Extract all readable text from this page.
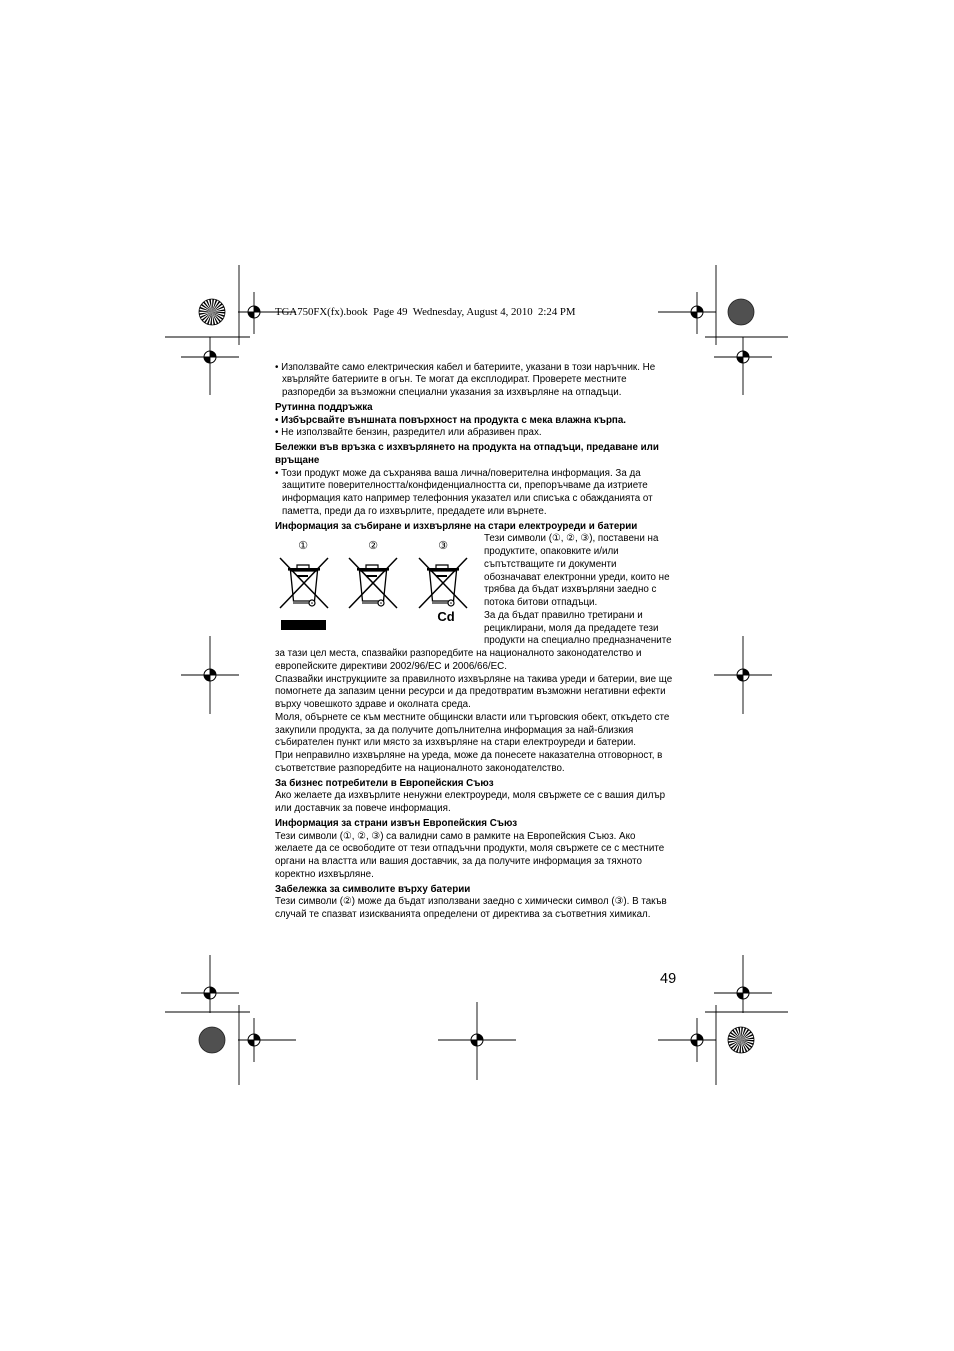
TGA750FX(fx).book  Page 49  Wednesday, August 4, 2010  2:24 PM
• Използвайте само електрическия кабел и батериите, указани в този наръчник. Не
хвърляйте батериите в огън. Те могат да експлодират. Проверете местните
разпоредби за възможни специални указания за изхвърляне на отпадъци.
Рутинна поддръжка
• Избърсвайте външната повърхност на продукта с мека влажна кърпа.
• Не използвайте бензин, разредител или абразивен прах.
Бележки във връзка с изхвърлянето на продукта на отпадъци, предаване или
връщане
• Този продукт може да съхранява ваша лична/поверителна информация. За да
защитите поверителността/конфиденциалността си, препоръчваме да изтриете
информация като например телефонния указател или списъка с обажданията от
паметта, преди да го изхвърлите, предадете или върнете.
Информация за събиране и изхвърляне на стари електроуреди и батерии
①	②	③
Cd
Тези символи (①, ②, ③), поставени на
продуктите, опаковките и/или
съпътстващите ги документи
обозначават електронни уреди, които не
трябва да бъдат изхвърляни заедно с
потока битови отпадъци.
За да бъдат правилно третирани и
рециклирани, моля да предадете тези
продукти на специално предназначените
за тази цел места, спазвайки разпоредбите на националното законодателство и
европейските директиви 2002/96/EC и 2006/66/EC.
Спазвайки инструкциите за правилното изхвърляне на такива уреди и батерии, вие ще
помогнете да запазим ценни ресурси и да предотвратим възможни негативни ефекти
върху човешкото здраве и околната среда.
Моля, обърнете се към местните общински власти или търговския обект, откъдето сте
закупили продукта, за да получите допълнителна информация за най-близкия
събирателен пункт или място за изхвърляне на стари електроуреди и батерии.
При неправилно изхвърляне на уреда, може да понесете наказателна отговорност, в
съответствие разпоредбите на националното законодателство.
За бизнес потребители в Европейския Съюз
Ако желаете да изхвърлите ненужни електроуреди, моля свържете се с вашия дилър
или доставчик за повече информация.
Информация за страни извън Европейския Съюз
Тези символи (①, ②, ③) са валидни само в рамките на Европейския Съюз. Ако
желаете да се освободите от тези отпадъчни продукти, моля свържете се с местните
органи на властта или вашия доставчик, за да получите информация за тяхното
коректно изхвърляне.
Забележка за символите върху батерии
Тези символи (②) може да бъдат използвани заедно с химически символ (③). В такъв
случай те спазват изискванията определени от директива за съответния химикал.
49
